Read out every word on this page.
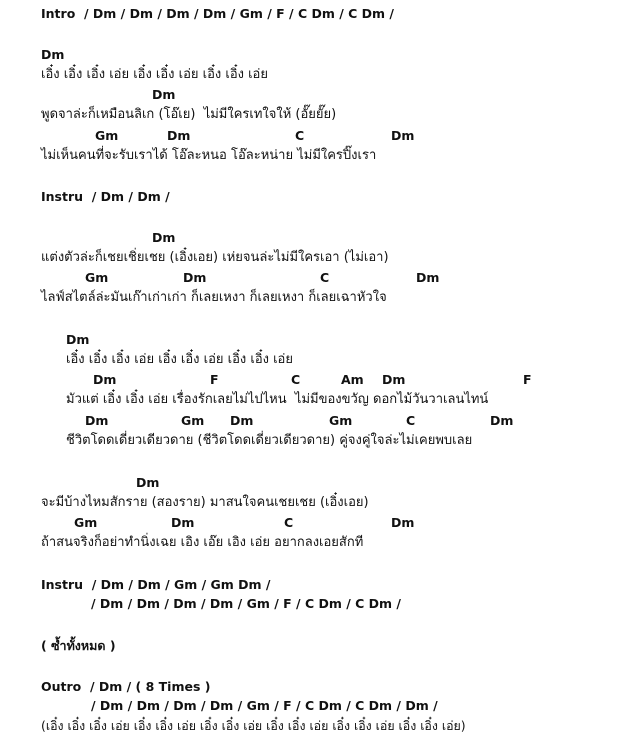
Intro  / Dm / Dm / Dm / Dm / Gm / F / C Dm / C Dm /
Dm
เอิ๋ง เอิ๋ง เอิ๋ง เอ่ย เอิ๋ง เอิ๋ง เอ่ย เอิ๋ง เอิ๋ง เอ่ย
Dm
พูดจาล่ะก็เหมือนลิเก (โอ๊เย)  ไม่มีใครเทใจให้ (อั๊ยยั๊ย)
Gm	Dm	C	Dm
ไม่เห็นคนที่จะรับเราได้ โอ๊ละหนอ โอ๊ละหน่าย ไม่มีใครปิ๊งเรา
Instru  / Dm / Dm /
Dm
แต่งตัวล่ะก็เชยเชิ่ยเชย (เอิ๋งเอย) เห่ยจนล่ะไม่มีใครเอา (ไม่เอา)
Gm	Dm	C	Dm
ไลฟ์สไตล์ล่ะมันเก๊าเก่าเก่า ก็เลยเหงา ก็เลยเหงา ก็เลยเฉาหัวใจ
Dm
เอิ๋ง เอิ๋ง เอิ๋ง เอ่ย เอิ๋ง เอิ๋ง เอ่ย เอิ๋ง เอิ๋ง เอ่ย
Dm	F	C	Am Dm	F
มัวแต่ เอิ๋ง เอิ๋ง เอ่ย เรื่องรักเลยไม่ไปไหน  ไม่มีของขวัญ ดอกไม้วันวาเลนไทน์
Dm	Gm Dm	Gm	C	Dm
ชีวิตโดดเดี่ยวเดียวดาย (ชีวิตโดดเดี่ยวเดียวดาย) คู่จงคู่ใจล่ะไม่เคยพบเลย
Dm
จะมีบ้างไหมสักราย (สองราย) มาสนใจคนเชยเชย (เอิ๋งเอย)
Gm	Dm	C	Dm
ถ้าสนจริงก็อย่าทำนิ่งเฉย เอิง เอ๊ย เอิง เอ่ย อยากลงเอยสักที
Instru  / Dm / Dm / Gm / Gm Dm /
/ Dm / Dm / Dm / Dm / Gm / F / C Dm / C Dm /
( ซ้ำทั้งหมด )
Outro  / Dm / ( 8 Times )
/ Dm / Dm / Dm / Dm / Gm / F / C Dm / C Dm / Dm /
(เอิ๋ง เอิ๋ง เอิ๋ง เอ่ย เอิ๋ง เอิ๋ง เอ่ย เอิ๋ง เอิ๋ง เอ่ย เอิ๋ง เอิ๋ง เอ่ย เอิ๋ง เอิ๋ง เอ่ย เอิ๋ง เอิ๋ง เอ่ย)
